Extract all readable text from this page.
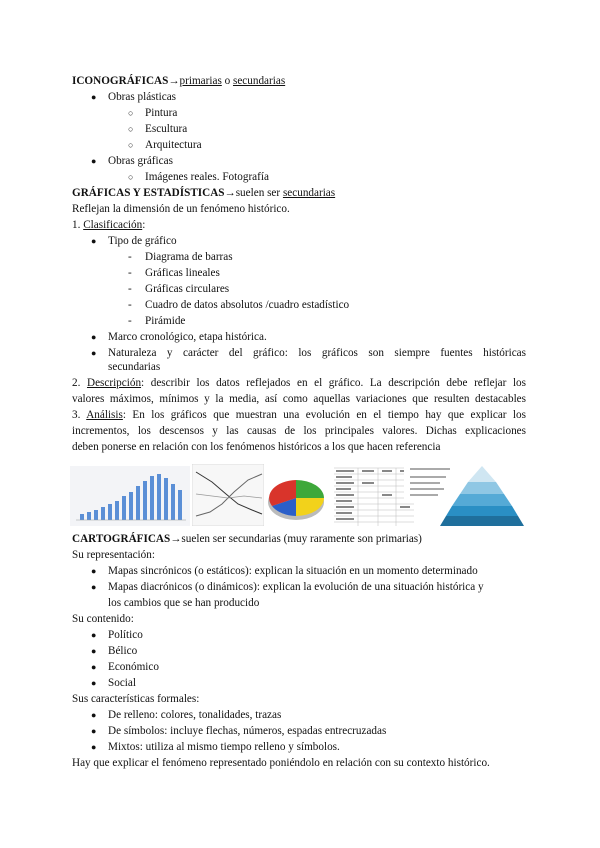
ICONOGRÁFICAS→primarias o secundarias
● Obras plásticas
○ Pintura
○ Escultura
○ Arquitectura
● Obras gráficas
○ Imágenes reales. Fotografía
GRÁFICAS Y ESTADÍSTICAS→suelen ser secundarias
Reflejan la dimensión de un fenómeno histórico.
1. Clasificación:
● Tipo de gráfico
- Diagrama de barras
- Gráficas lineales
- Gráficas circulares
- Cuadro de datos absolutos /cuadro estadístico
- Pirámide
● Marco cronológico, etapa histórica.
● Naturaleza y carácter del gráfico: los gráficos son siempre fuentes históricas
secundarias
2. Descripción: describir los datos reflejados en el gráfico. La descripción debe reflejar los
valores máximos, mínimos y la media, así como aquellas variaciones que resulten destacables
3. Análisis: En los gráficos que muestran una evolución en el tiempo hay que explicar los
incrementos, los descensos y las causas de los principales valores. Dichas explicaciones
deben ponerse en relación con los fenómenos históricos a los que hacen referencia
CARTOGRÁFICAS→suelen ser secundarias (muy raramente son primarias)
Su representación:
● Mapas sincrónicos (o estáticos): explican la situación en un momento determinado
● Mapas diacrónicos (o dinámicos): explican la evolución de una situación histórica y
los cambios que se han producido
Su contenido:
● Político
● Bélico
● Económico
● Social
Sus características formales:
● De relleno: colores, tonalidades, trazas
● De símbolos: incluye flechas, números, espadas entrecruzadas
● Mixtos: utiliza al mismo tiempo relleno y símbolos.
Hay que explicar el fenómeno representado poniéndolo en relación con su contexto histórico.
